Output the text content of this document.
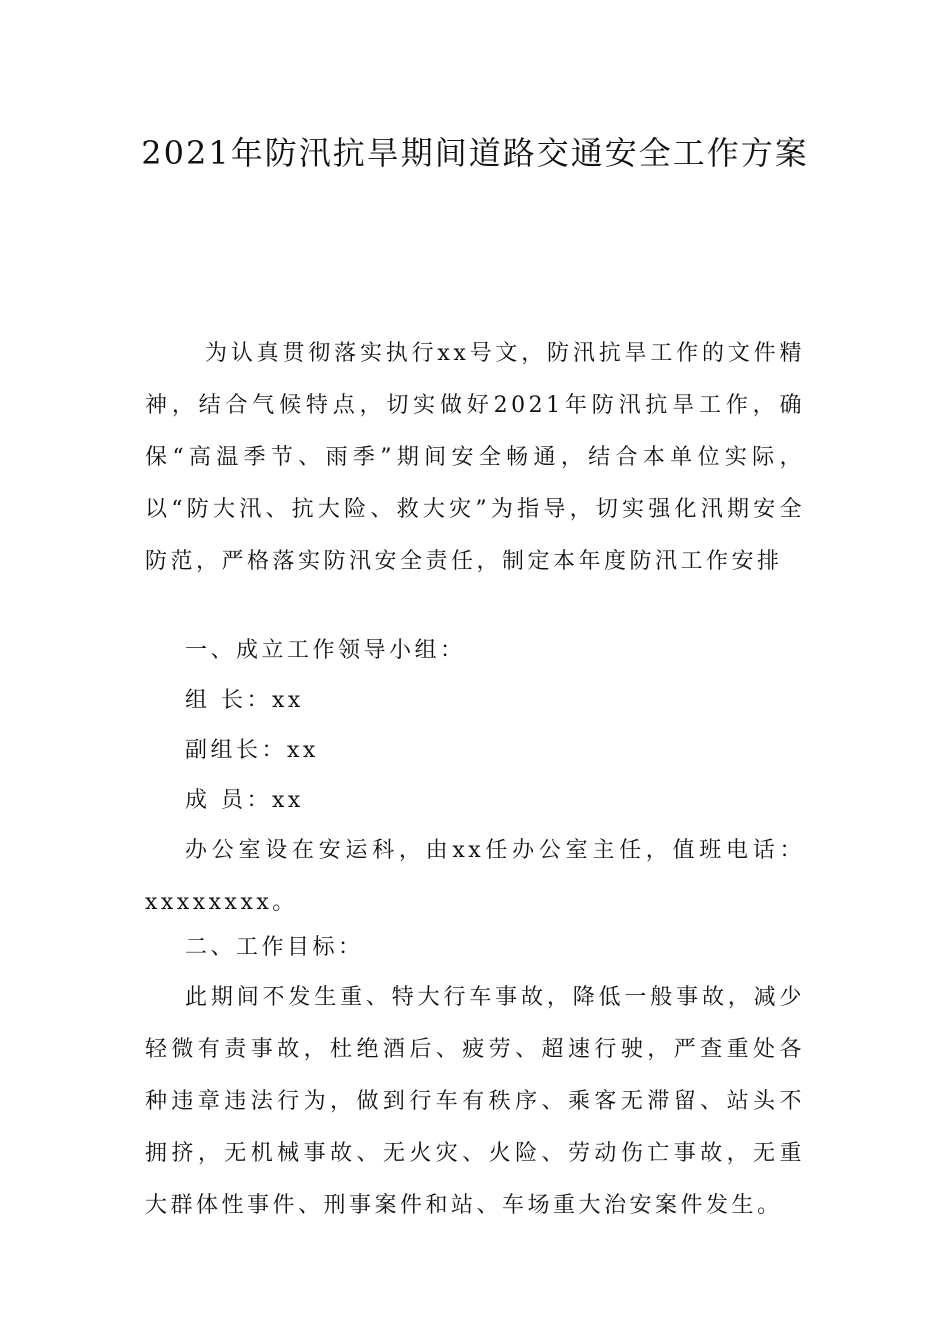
2021年防汛抗旱期间道路交通安全工作方案

为认真贯彻落实执行xx号文，防汛抗旱工作的文件精神，结合气候特点，切实做好2021年防汛抗旱工作，确保“高温季节、雨季”期间安全畅通，结合本单位实际，以“防大汛、抗大险、救大灾”为指导，切实强化汛期安全防范，严格落实防汛安全责任，制定本年度防汛工作安排

一、成立工作领导小组：

组 长：xx

副组长：xx

成 员：xx

办公室设在安运科，由xx任办公室主任，值班电话：xxxxxxxx。

二、工作目标：

此期间不发生重、特大行车事故，降低一般事故，减少轻微有责事故，杜绝酒后、疲劳、超速行驶，严查重处各种违章违法行为，做到行车有秩序、乘客无滞留、站头不拥挤，无机械事故、无火灾、火险、劳动伤亡事故，无重大群体性事件、刑事案件和站、车场重大治安案件发生。
